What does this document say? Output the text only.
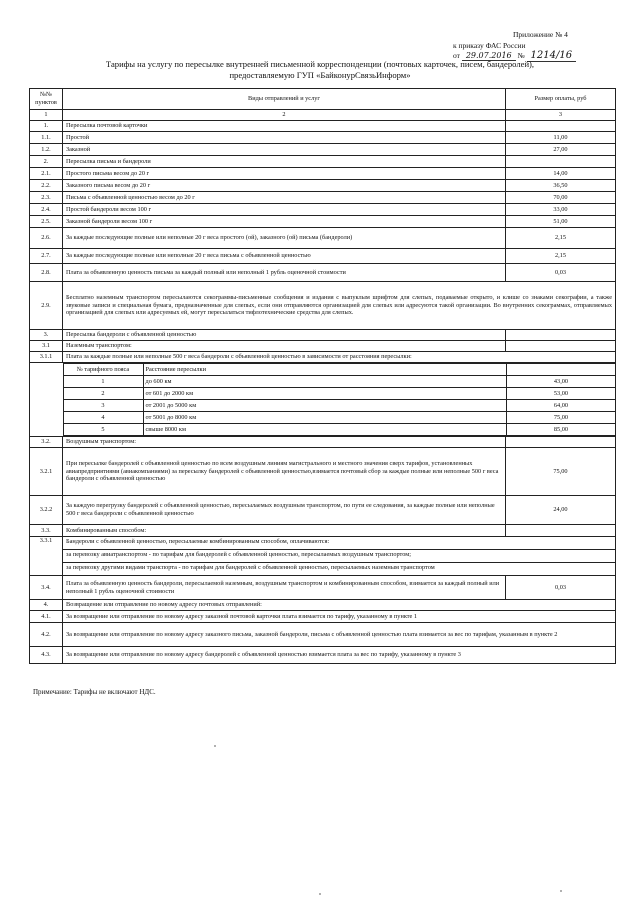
Приложение № 4
к приказу ФАС России
от 29.07.2016 № 1214/16
Тарифы на услугу по пересылке внутренней письменной корреспонденции (почтовых карточек, писем, бандеролей),
предоставляемую ГУП «БайконурСвязьИнформ»
№№ пунктов	Виды отправлений и услуг	Размер оплаты, руб
1	2	3
1.	Пересылка почтовой карточки	
1.1.	Простой	11,00
1.2.	Заказной	27,00
2.	Пересылка письма и бандероли	
2.1.	Простого письма весом до 20 г	14,00
2.2.	Заказного письма весом до 20 г	36,50
2.3.	Письма с объявленной ценностью весом до 20 г	70,00
2.4.	Простой бандероли весом 100 г	33,00
2.5.	Заказной бандероли весом 100 г	51,00
2.6.	За каждые последующие полные или неполные 20 г веса простого (ой), заказного (ой) письма (бандероли)	2,15
2.7.	За каждые последующие полные или неполные 20 г веса письма с объявленной ценностью	2,15
2.8.	Плата за объявленную ценность письма за каждый полный или неполный 1 рубль оценочной стоимости	0,03
2.9.	Бесплатно наземным транспортом пересылаются секограммы-письменные сообщения и издания с выпуклым шрифтом для слепых, подаваемые открыто, и клише со знаками секографии, а также звуковые записи и специальная бумага, предназначенные для слепых, если они отправляются организацией для слепых или адресуются такой организации. Во внутренних секограммах, отправляемых организацией для слепых или адресуемых ей, могут пересылаться тифлотехнические средства для слепых.
3.	Пересылка бандероли с объявленной ценностью	
3.1	Наземным транспортом:	
3.1.1	Плата за каждые полные или неполные 500 г веса бандероли с объявленной ценностью в зависимости от расстояния пересылки:

№ тарифного пояса	Расстояние пересылки	
1	до 600 км	43,00
2	от 601 до 2000 км	53,00
3	от 2001 до 5000 км	64,00
4	от 5001 до 8000 км	75,00
5	свыше 8000 км	85,00

3.2.	Воздушным транспортом:	
3.2.1	При пересылке бандеролей с объявленной ценностью по всем воздушным линиям магистрального и местного значения сверх тарифов, установленных авиапредприятиями (авиакомпаниями) за пересылку бандеролей с объявленной ценностью,взимается почтовый сбор за каждые полные или неполные 500 г веса бандероли с объявленной ценностью	75,00
3.2.2	За каждую перегрузку бандеролей с объявленной ценностью, пересылаемых воздушным транспортом, по пути ее следования, за каждые полные или неполные 500 г веса бандероли с объявленной ценностью	24,00
3.3.	Комбинированным способом:	
3.3.1	Бандероли с объявленной ценностью, пересылаемые комбинированным способом, оплачиваются:
за перевозку авиатранспортом - по тарифам для бандеролей с объявленной ценностью, пересылаемых воздушным транспортом;
за перевозку другими видами транспорта - по тарифам для бандеролей с объявленной ценностью, пересылаемых наземным транспортом

3.4.	Плата за объявленную ценность бандероли, пересылаемой наземным, воздушным транспортом и комбинированным способом, взимается за каждый полный или неполный 1 рубль оценочной стоимости	0,03
4.	Возвращение или отправление по новому адресу почтовых отправлений:
4.1.	За возвращение или отправление по новому адресу заказной почтовой карточки плата взимается по тарифу, указанному в пункте 1
4.2.	За возвращение или отправление по новому адресу заказного письма, заказной бандероли, письма с объявленной ценностью плата взимается за вес по тарифам, указанным в пункте 2
4.3.	За возвращение или отправление по новому адресу бандеролей с объявленной ценностью взимается плата за вес по тарифу, указанному в пункте 3
Примечание: Тарифы не включают НДС.
